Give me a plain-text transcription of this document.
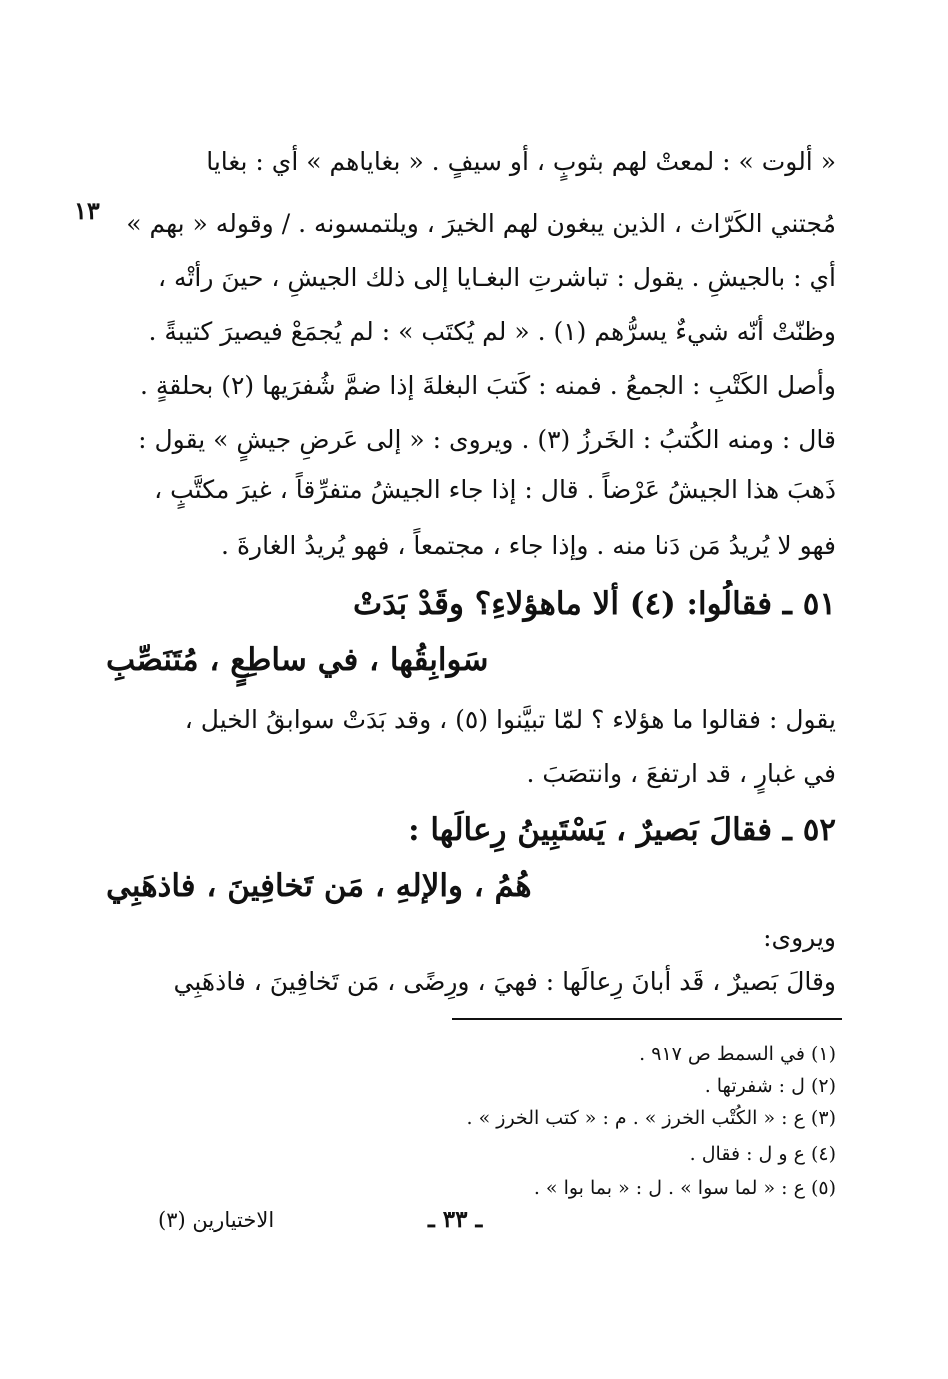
١٣
« ألوت » : لمعتْ لهم بثوبٍ ، أو سيفٍ . « بغاياهم » أي : بغايا
مُجتني الكَرّاث ، الذين يبغون لهم الخيرَ ، ويلتمسونه . / وقوله « بهم »
أي : بالجيشِ . يقول : تباشرتِ البغـايا إلى ذلك الجيشِ ، حينَ رأتْه ،
وظنّتْ أنّه شيءٌ يسرُّهم (١) . « لم يُكتَب » : لم يُجمَعْ فيصيرَ كتيبةً .
وأصل الكَتْبِ : الجمعُ . فمنه : كَتبَ البغلةَ إذا ضمَّ شُفرَيها (٢) بحلقةٍ .
قال : ومنه الكُتبُ : الخَرزُ (٣) . ويروى : « إلى عَرضِ جيشٍ » يقول :
ذَهبَ هذا الجيشُ عَرْضاً . قال : إذا جاء الجيشُ متفرِّقاً ، غيرَ مكتَّبٍ ،
فهو لا يُريدُ مَن دَنا منه . وإذا جاء ، مجتمعاً ، فهو يُريدُ الغارةَ .
٥١ ـ فقالُوا: (٤) ألا ماهؤلاءِ؟ وقَدْ بَدَتْ
سَوابِقُها ، في ساطِعٍ ، مُتَنَصِّبِ
يقول : فقالوا ما هؤلاء ؟ لمّا تبيَّنوا (٥) ، وقد بَدَتْ سوابقُ الخيل ،
في غبارٍ ، قد ارتفعَ ، وانتصَبَ .
٥٢ ـ فقالَ بَصيرٌ ، يَسْتَبِينُ رِعالَها :
هُمُ ، والإلهِ ، مَن تَخافِينَ ، فاذهَبِي
ويروى:
وقالَ بَصيرٌ ، قَد أبانَ رِعالَها : فهيَ ، ورِضًى ، مَن تَخافِينَ ، فاذهَبِي
(١) في السمط ص ٩١٧ .
(٢) ل : شفرتها .
(٣) ع : « الكُتْب الخرز » . م : « كتب الخرز » .
(٤) ع و ل : فقال .
(٥) ع : « لما سوا » . ل : « بما بوا » .
ـ ٣٣ ـ
الاختيارين (٣)
